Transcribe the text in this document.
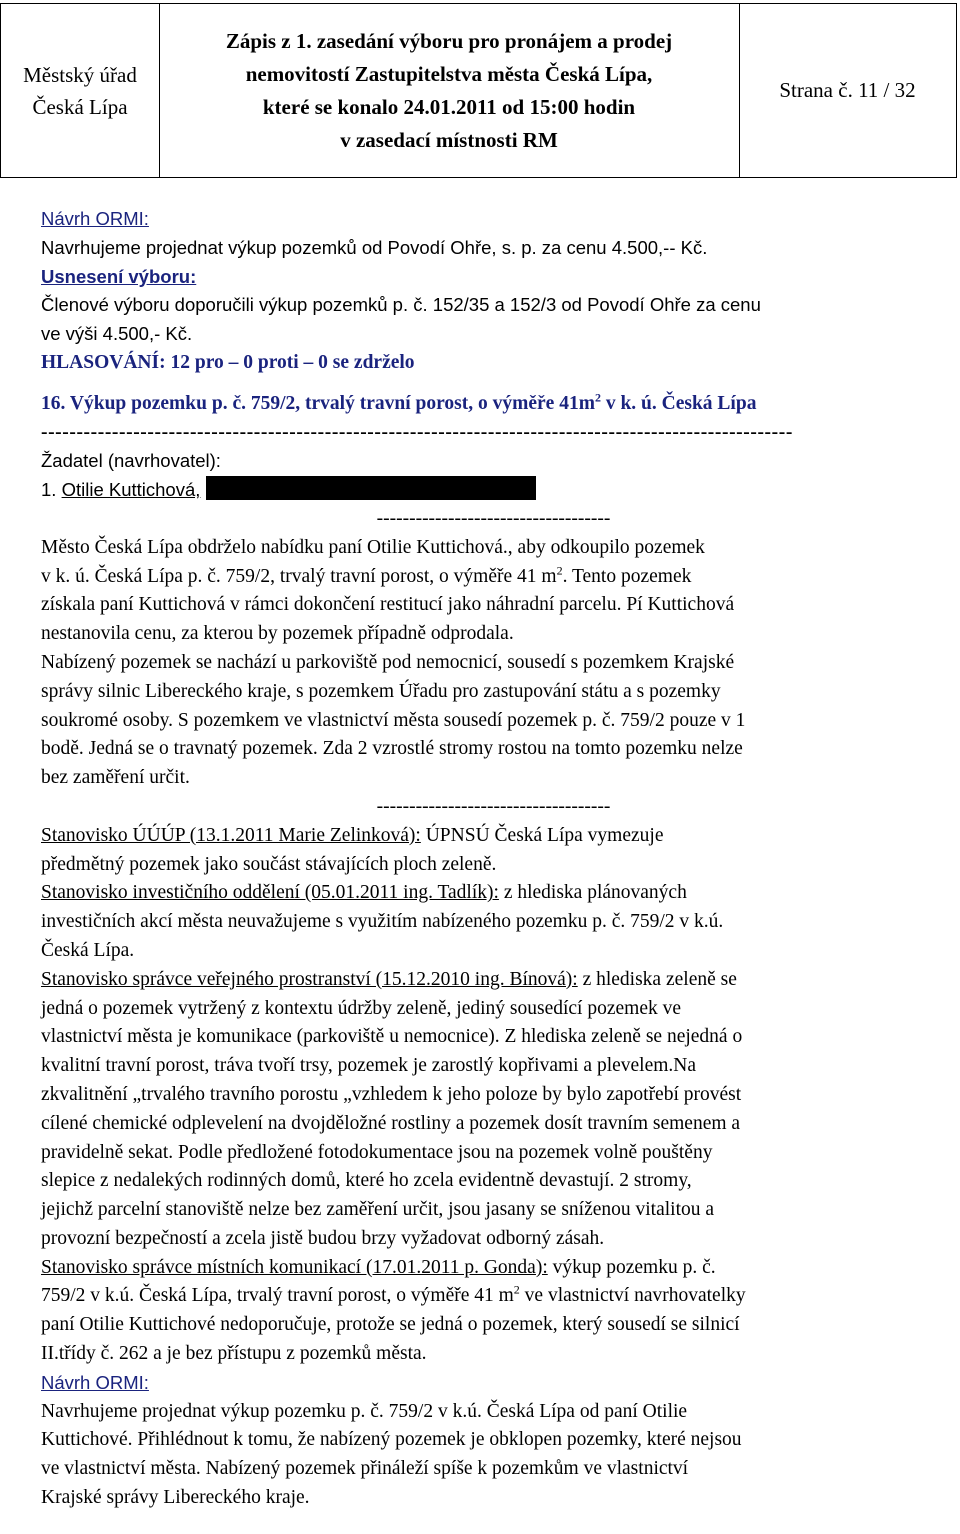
Městský úřad
Česká Lípa
Zápis z 1. zasedání výboru pro pronájem a prodej
nemovitostí Zastupitelstva města Česká Lípa,
které se konalo 24.01.2011 od 15:00 hodin
v zasedací místnosti RM
Strana č. 11 / 32

Návrh ORMI:

Navrhujeme projednat výkup pozemků od Povodí Ohře, s. p. za cenu 4.500,-- Kč.

Usnesení výboru:

Členové výboru doporučili výkup pozemků p. č. 152/35 a 152/3 od Povodí Ohře za cenu

ve výši 4.500,- Kč.

HLASOVÁNÍ: 12 pro – 0 proti – 0 se zdrželo

16. Výkup pozemku p. č. 759/2, trvalý travní porost, o výměře $41m^2$ v k. ú. Česká Lípa

----------------------------------------------------------------------------------------------------------

Žadatel (navrhovatel):

1. Otilie Kuttichová,

------------------------------------

Město Česká Lípa obdrželo nabídku paní Otilie Kuttichová., aby odkoupilo pozemek

v k. ú. Česká Lípa p. č. 759/2, trvalý travní porost, o výměře 41 $m^2$. Tento pozemek

získala paní Kuttichová v rámci dokončení restitucí jako náhradní parcelu. Pí Kuttichová

nestanovila cenu, za kterou by pozemek případně odprodala.

Nabízený pozemek se nachází u parkoviště pod nemocnicí, sousedí s pozemkem Krajské

správy silnic Libereckého kraje, s pozemkem Úřadu pro zastupování státu a s pozemky

soukromé osoby. S pozemkem ve vlastnictví města sousedí pozemek p. č. 759/2 pouze v 1

bodě. Jedná se o travnatý pozemek. Zda 2 vzrostlé stromy rostou na tomto pozemku nelze

bez zaměření určit.

------------------------------------

Stanovisko ÚÚÚP (13.1.2011 Marie Zelinková): ÚPNSÚ Česká Lípa vymezuje

předmětný pozemek jako součást stávajících ploch zeleně.

Stanovisko investičního oddělení (05.01.2011 ing. Tadlík): z hlediska plánovaných

investičních akcí města neuvažujeme s využitím nabízeného pozemku p. č. 759/2 v k.ú.

Česká Lípa.

Stanovisko správce veřejného prostranství (15.12.2010 ing. Bínová): z hlediska zeleně se

jedná o pozemek vytržený z kontextu údržby zeleně, jediný sousedící pozemek ve

vlastnictví města je komunikace (parkoviště u nemocnice). Z hlediska zeleně se nejedná o

kvalitní travní porost, tráva tvoří trsy, pozemek je zarostlý kopřivami a plevelem.Na

zkvalitnění „trvalého travního porostu „vzhledem k jeho poloze by bylo zapotřebí provést

cílené chemické odplevelení na dvojděložné rostliny a pozemek dosít travním semenem a

pravidelně sekat. Podle předložené fotodokumentace jsou na pozemek volně pouštěny

slepice z nedalekých rodinných domů, které ho zcela evidentně devastují. 2 stromy,

jejichž parcelní stanoviště nelze bez zaměření určit, jsou jasany se sníženou vitalitou a

provozní bezpečností a zcela jistě budou brzy vyžadovat odborný zásah.

Stanovisko správce místních komunikací (17.01.2011 p. Gonda): výkup pozemku p. č.

759/2 v k.ú. Česká Lípa, trvalý travní porost, o výměře 41 $m^2$ ve vlastnictví navrhovatelky

paní Otilie Kuttichové nedoporučuje, protože se jedná o pozemek, který sousedí se silnicí

II.třídy č. 262 a je bez přístupu z pozemků města.

Návrh ORMI:

Navrhujeme projednat výkup pozemku p. č. 759/2 v k.ú. Česká Lípa od paní Otilie

Kuttichové. Přihlédnout k tomu, že nabízený pozemek je obklopen pozemky, které nejsou

ve vlastnictví města. Nabízený pozemek přináleží spíše k pozemkům ve vlastnictví

Krajské správy Libereckého kraje.
